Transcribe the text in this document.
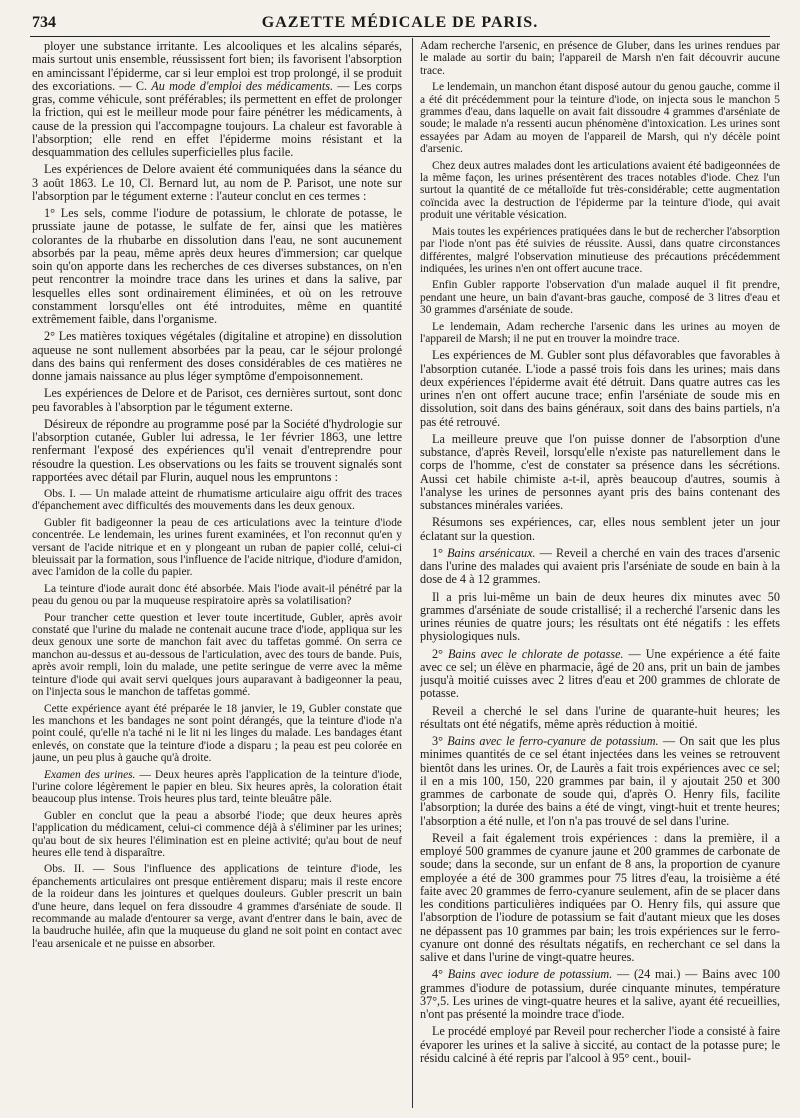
734	GAZETTE MÉDICALE DE PARIS.

ployer une substance irritante. Les alcooliques et les alcalins séparés, mais surtout unis ensemble, réussissent fort bien; ils favorisent l'absorption en amincissant l'épiderme, car si leur emploi est trop prolongé, il se produit des excoriations. — C. Au mode d'emploi des médicaments. — Les corps gras, comme véhicule, sont préférables; ils permettent en effet de prolonger la friction, qui est le meilleur mode pour faire pénétrer les médicaments, à cause de la pression qui l'accompagne toujours. La chaleur est favorable à l'absorption; elle rend en effet l'épiderme moins résistant et la desquammation des cellules superficielles plus facile.

Les expériences de Delore avaient été communiquées dans la séance du 3 août 1863. Le 10, Cl. Bernard lut, au nom de P. Parisot, une note sur l'absorption par le tégument externe : l'auteur conclut en ces termes :

1° Les sels, comme l'iodure de potassium, le chlorate de potasse, le prussiate jaune de potasse, le sulfate de fer, ainsi que les matières colorantes de la rhubarbe en dissolution dans l'eau, ne sont aucunement absorbés par la peau, même après deux heures d'immersion; car quelque soin qu'on apporte dans les recherches de ces diverses substances, on n'en peut rencontrer la moindre trace dans les urines et dans la salive, par lesquelles elles sont ordinairement éliminées, et où on les retrouve constamment lorsqu'elles ont été introduites, même en quantité extrêmement faible, dans l'organisme.

2° Les matières toxiques végétales (digitaline et atropine) en dissolution aqueuse ne sont nullement absorbées par la peau, car le séjour prolongé dans des bains qui renferment des doses considérables de ces matières ne donne jamais naissance au plus léger symptôme d'empoisonnement.

Les expériences de Delore et de Parisot, ces dernières surtout, sont donc peu favorables à l'absorption par le tégument externe.

Désireux de répondre au programme posé par la Société d'hydrologie sur l'absorption cutanée, Gubler lui adressa, le 1er février 1863, une lettre renfermant l'exposé des expériences qu'il venait d'entreprendre pour résoudre la question. Les observations ou les faits se trouvent signalés sont rapportées avec détail par Flurin, auquel nous les empruntons :

Obs. I. — Un malade atteint de rhumatisme articulaire aigu offrit des traces d'épanchement avec difficultés des mouvements dans les deux genoux.

Gubler fit badigeonner la peau de ces articulations avec la teinture d'iode concentrée. Le lendemain, les urines furent examinées, et l'on reconnut qu'en y versant de l'acide nitrique et en y plongeant un ruban de papier collé, celui-ci bleuissait par la formation, sous l'influence de l'acide nitrique, d'iodure d'amidon, avec l'amidon de la colle du papier.

La teinture d'iode aurait donc été absorbée. Mais l'iode avait-il pénétré par la peau du genou ou par la muqueuse respiratoire après sa volatilisation?

Pour trancher cette question et lever toute incertitude, Gubler, après avoir constaté que l'urine du malade ne contenait aucune trace d'iode, appliqua sur les deux genoux une sorte de manchon fait avec du taffetas gommé. On serra ce manchon au-dessus et au-dessous de l'articulation, avec des tours de bande. Puis, après avoir rempli, loin du malade, une petite seringue de verre avec la même teinture d'iode qui avait servi quelques jours auparavant à badigeonner la peau, on l'injecta sous le manchon de taffetas gommé.

Cette expérience ayant été préparée le 18 janvier, le 19, Gubler constate que les manchons et les bandages ne sont point dérangés, que la teinture d'iode n'a point coulé, qu'elle n'a taché ni le lit ni les linges du malade. Les bandages étant enlevés, on constate que la teinture d'iode a disparu ; la peau est peu colorée en jaune, un peu plus à gauche qu'à droite.

Examen des urines. — Deux heures après l'application de la teinture d'iode, l'urine colore légèrement le papier en bleu. Six heures après, la coloration était beaucoup plus intense. Trois heures plus tard, teinte bleuâtre pâle.

Gubler en conclut que la peau a absorbé l'iode; que deux heures après l'application du médicament, celui-ci commence déjà à s'éliminer par les urines; qu'au bout de six heures l'élimination est en pleine activité; qu'au bout de neuf heures elle tend à disparaître.

Obs. II. — Sous l'influence des applications de teinture d'iode, les épanchements articulaires ont presque entièrement disparu; mais il reste encore de la roideur dans les jointures et quelques douleurs. Gubler prescrit un bain d'une heure, dans lequel on fera dissoudre 4 grammes d'arséniate de soude. Il recommande au malade d'entourer sa verge, avant d'entrer dans le bain, avec de la baudruche huilée, afin que la muqueuse du gland ne soit point en contact avec l'eau arsenicale et ne puisse en absorber.

Adam recherche l'arsenic, en présence de Gluber, dans les urines rendues par le malade au sortir du bain; l'appareil de Marsh n'en fait découvrir aucune trace.

Le lendemain, un manchon étant disposé autour du genou gauche, comme il a été dit précédemment pour la teinture d'iode, on injecta sous le manchon 5 grammes d'eau, dans laquelle on avait fait dissoudre 4 grammes d'arséniate de soude; le malade n'a ressenti aucun phénomène d'intoxication. Les urines sont essayées par Adam au moyen de l'appareil de Marsh, qui n'y décèle point d'arsenic.

Chez deux autres malades dont les articulations avaient été badigeonnées de la même façon, les urines présentèrent des traces notables d'iode. Chez l'un surtout la quantité de ce métalloïde fut très-considérable; cette augmentation coïncida avec la destruction de l'épiderme par la teinture d'iode, qui avait produit une véritable vésication.

Mais toutes les expériences pratiquées dans le but de rechercher l'absorption par l'iode n'ont pas été suivies de réussite. Aussi, dans quatre circonstances différentes, malgré l'observation minutieuse des précautions précédemment indiquées, les urines n'en ont offert aucune trace.

Enfin Gubler rapporte l'observation d'un malade auquel il fit prendre, pendant une heure, un bain d'avant-bras gauche, composé de 3 litres d'eau et 30 grammes d'arséniate de soude.

Le lendemain, Adam recherche l'arsenic dans les urines au moyen de l'appareil de Marsh; il ne put en trouver la moindre trace.

Les expériences de M. Gubler sont plus défavorables que favorables à l'absorption cutanée. L'iode a passé trois fois dans les urines; mais dans deux expériences l'épiderme avait été détruit. Dans quatre autres cas les urines n'en ont offert aucune trace; enfin l'arséniate de soude mis en dissolution, soit dans des bains généraux, soit dans des bains partiels, n'a pas été retrouvé.

La meilleure preuve que l'on puisse donner de l'absorption d'une substance, d'après Reveil, lorsqu'elle n'existe pas naturellement dans le corps de l'homme, c'est de constater sa présence dans les sécrétions. Aussi cet habile chimiste a-t-il, après beaucoup d'autres, soumis à l'analyse les urines de personnes ayant pris des bains contenant des substances minérales variées.

Résumons ses expériences, car, elles nous semblent jeter un jour éclatant sur la question.

1° Bains arsénicaux. — Reveil a cherché en vain des traces d'arsenic dans l'urine des malades qui avaient pris l'arséniate de soude en bain à la dose de 4 à 12 grammes.

Il a pris lui-même un bain de deux heures dix minutes avec 50 grammes d'arséniate de soude cristallisé; il a recherché l'arsenic dans les urines réunies de quatre jours; les résultats ont été négatifs : les effets physiologiques nuls.

2° Bains avec le chlorate de potasse. — Une expérience a été faite avec ce sel; un élève en pharmacie, âgé de 20 ans, prit un bain de jambes jusqu'à moitié cuisses avec 2 litres d'eau et 200 grammes de chlorate de potasse.

Reveil a cherché le sel dans l'urine de quarante-huit heures; les résultats ont été négatifs, même après réduction à moitié.

3° Bains avec le ferro-cyanure de potassium. — On sait que les plus minimes quantités de ce sel étant injectées dans les veines se retrouvent bientôt dans les urines. Or, de Laurès a fait trois expériences avec ce sel; il en a mis 100, 150, 220 grammes par bain, il y ajoutait 250 et 300 grammes de carbonate de soude qui, d'après O. Henry fils, facilite l'absorption; la durée des bains a été de vingt, vingt-huit et trente heures; l'absorption a été nulle, et l'on n'a pas trouvé de sel dans l'urine.

Reveil a fait également trois expériences : dans la première, il a employé 500 grammes de cyanure jaune et 200 grammes de carbonate de soude; dans la seconde, sur un enfant de 8 ans, la proportion de cyanure employée a été de 300 grammes pour 75 litres d'eau, la troisième a été faite avec 20 grammes de ferro-cyanure seulement, afin de se placer dans les conditions particulières indiquées par O. Henry fils, qui assure que l'absorption de l'iodure de potassium se fait d'autant mieux que les doses ne dépassent pas 10 grammes par bain; les trois expériences sur le ferro-cyanure ont donné des résultats négatifs, en recherchant ce sel dans la salive et dans l'urine de vingt-quatre heures.

4° Bains avec iodure de potassium. — (24 mai.) — Bains avec 100 grammes d'iodure de potassium, durée cinquante minutes, température 37°,5. Les urines de vingt-quatre heures et la salive, ayant été recueillies, n'ont pas présenté la moindre trace d'iode.

Le procédé employé par Reveil pour rechercher l'iode a consisté à faire évaporer les urines et la salive à siccité, au contact de la potasse pure; le résidu calciné à été repris par l'alcool à 95° cent., bouil-
